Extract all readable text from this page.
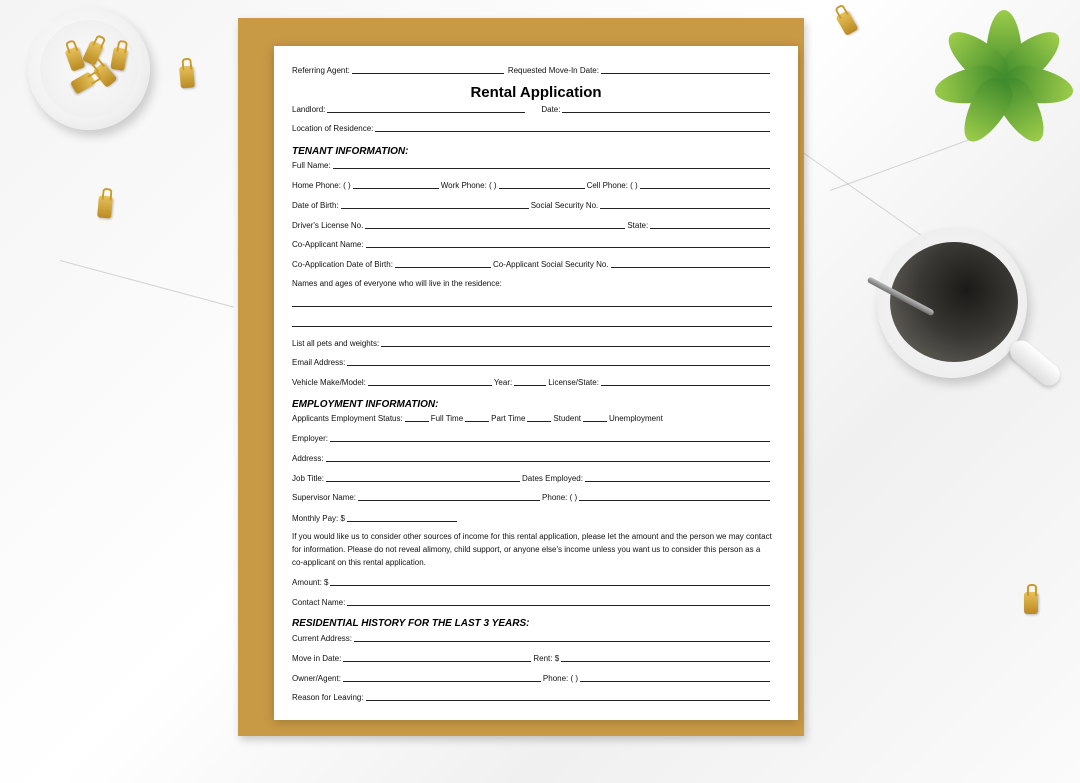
Referring Agent:	Requested Move-In Date:
Rental Application
Landlord:	Date:
Location of Residence:
TENANT INFORMATION:
Full Name:
Home Phone: ( )	Work Phone: ( )	Cell Phone: ( )
Date of Birth:	Social Security No.
Driver's License No.	State:
Co-Applicant Name:
Co-Application Date of Birth:	Co-Applicant Social Security No.
Names and ages of everyone who will live in the residence:
List all pets and weights:
Email Address:
Vehicle Make/Model:	Year:	License/State:
EMPLOYMENT INFORMATION:
Applicants Employment Status:	Full Time	Part Time	Student	Unemployment
Employer:
Address:
Job Title:	Dates Employed:
Supervisor Name:	Phone: ( )
Monthly Pay: $
If you would like us to consider other sources of income for this rental application, please let the amount and the person we may contact for information. Please do not reveal alimony, child support, or anyone else's income unless you want us to consider this person as a co-applicant on this rental application.
Amount: $
Contact Name:
RESIDENTIAL HISTORY FOR THE LAST 3 YEARS:
Current Address:
Move in Date:	Rent: $
Owner/Agent:	Phone: ( )
Reason for Leaving:
